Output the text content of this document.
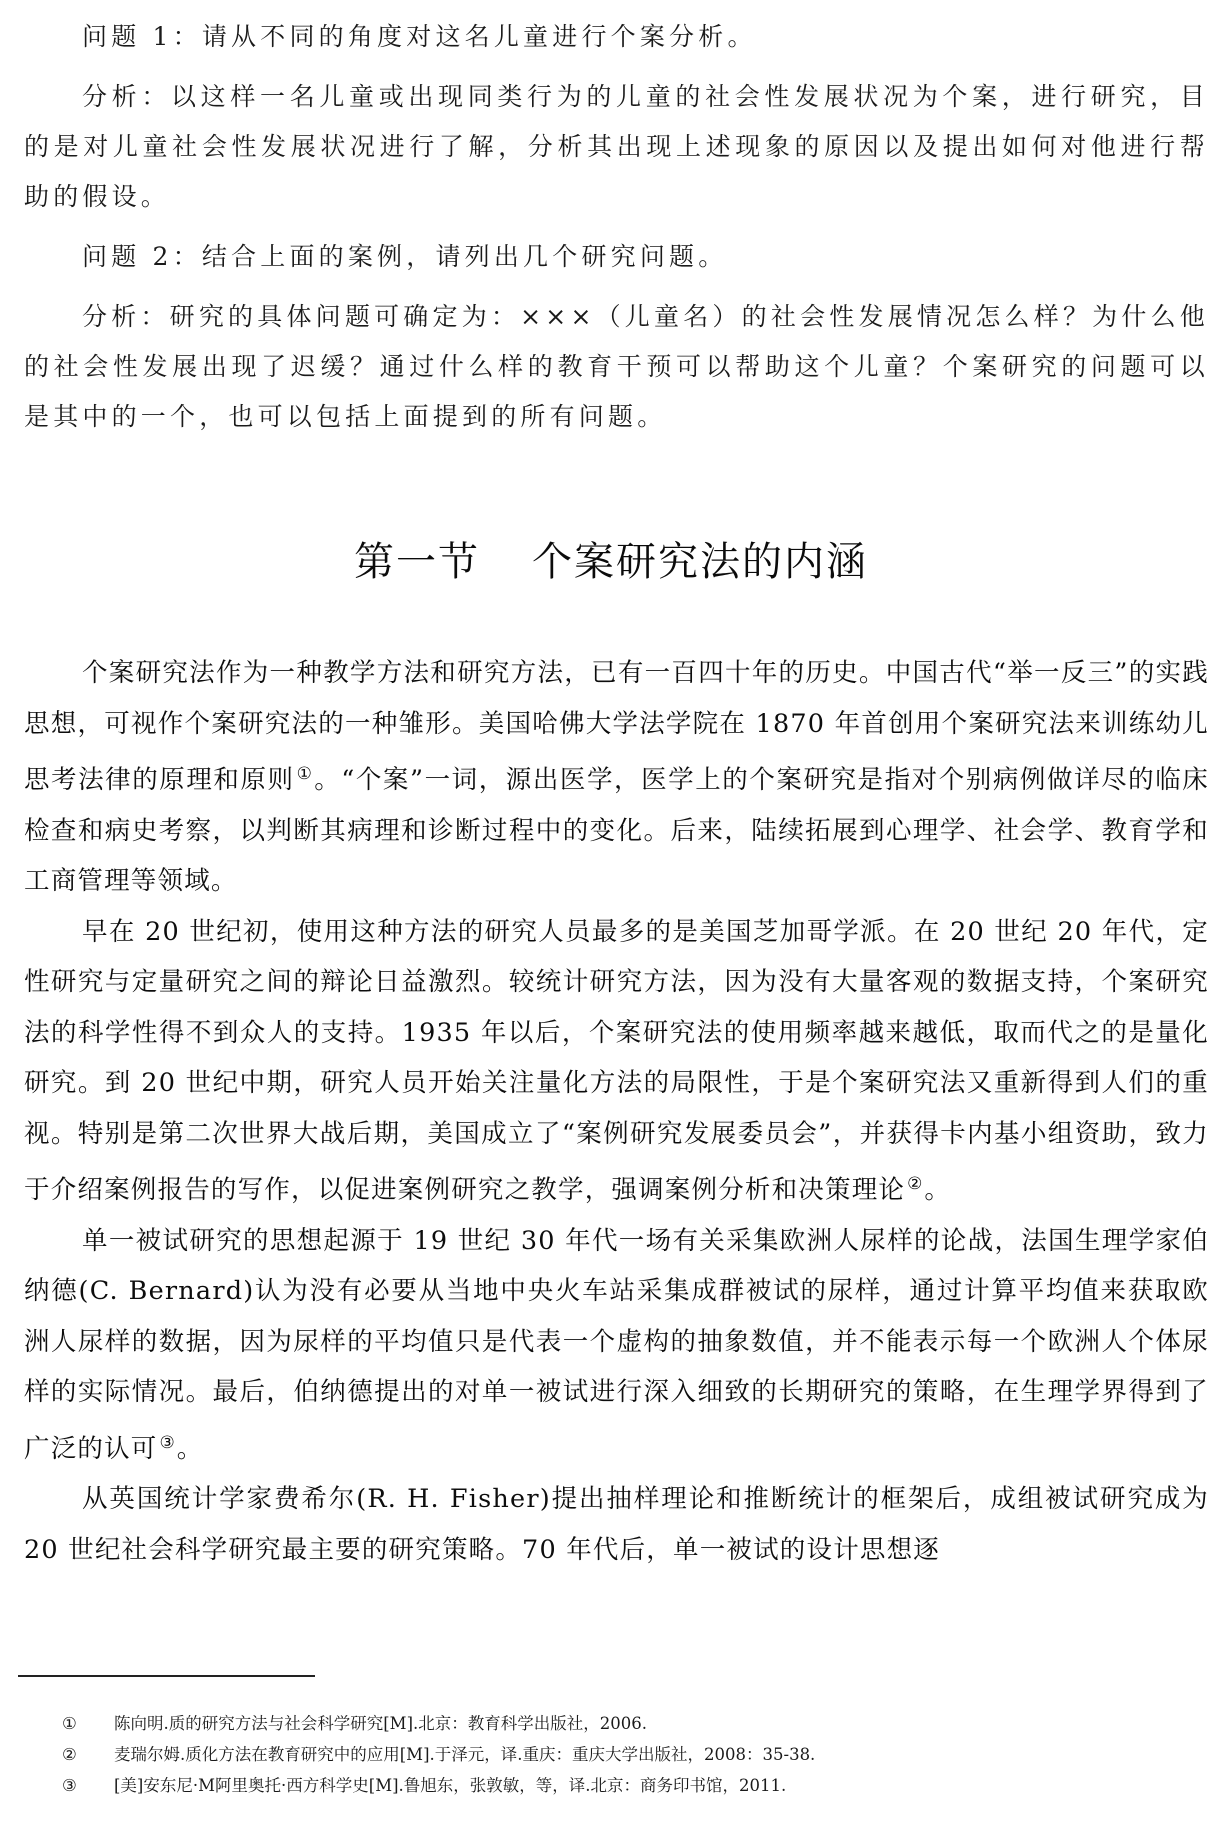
问题 1：请从不同的角度对这名儿童进行个案分析。

分析：以这样一名儿童或出现同类行为的儿童的社会性发展状况为个案，进行研究，目的是对儿童社会性发展状况进行了解，分析其出现上述现象的原因以及提出如何对他进行帮助的假设。

问题 2：结合上面的案例，请列出几个研究问题。

分析：研究的具体问题可确定为：×××（儿童名）的社会性发展情况怎么样？为什么他的社会性发展出现了迟缓？通过什么样的教育干预可以帮助这个儿童？个案研究的问题可以是其中的一个，也可以包括上面提到的所有问题。

第一节 个案研究法的内涵

个案研究法作为一种教学方法和研究方法，已有一百四十年的历史。中国古代“举一反三”的实践思想，可视作个案研究法的一种雏形。美国哈佛大学法学院在 1870 年首创用个案研究法来训练幼儿思考法律的原理和原则 ①。“个案”一词，源出医学，医学上的个案研究是指对个别病例做详尽的临床检查和病史考察，以判断其病理和诊断过程中的变化。后来，陆续拓展到心理学、社会学、教育学和工商管理等领域。

早在 20 世纪初，使用这种方法的研究人员最多的是美国芝加哥学派。在 20 世纪 20 年代，定性研究与定量研究之间的辩论日益激烈。较统计研究方法，因为没有大量客观的数据支持，个案研究法的科学性得不到众人的支持。1935 年以后，个案研究法的使用频率越来越低，取而代之的是量化研究。到 20 世纪中期，研究人员开始关注量化方法的局限性，于是个案研究法又重新得到人们的重视。特别是第二次世界大战后期，美国成立了“案例研究发展委员会”，并获得卡内基小组资助，致力于介绍案例报告的写作，以促进案例研究之教学，强调案例分析和决策理论 ②。

单一被试研究的思想起源于 19 世纪 30 年代一场有关采集欧洲人尿样的论战，法国生理学家伯纳德(C. Bernard)认为没有必要从当地中央火车站采集成群被试的尿样，通过计算平均值来获取欧洲人尿样的数据，因为尿样的平均值只是代表一个虚构的抽象数值，并不能表示每一个欧洲人个体尿样的实际情况。最后，伯纳德提出的对单一被试进行深入细致的长期研究的策略，在生理学界得到了广泛的认可 ③。

从英国统计学家费希尔(R. H. Fisher)提出抽样理论和推断统计的框架后，成组被试研究成为 20 世纪社会科学研究最主要的研究策略。70 年代后，单一被试的设计思想逐

①	陈向明.质的研究方法与社会科学研究[M].北京：教育科学出版社，2006.
②	麦瑞尔姆.质化方法在教育研究中的应用[M].于泽元，译.重庆：重庆大学出版社，2008：35-38.
③	[美]安东尼·M阿里奥托·西方科学史[M].鲁旭东，张敦敏，等，译.北京：商务印书馆，2011.
